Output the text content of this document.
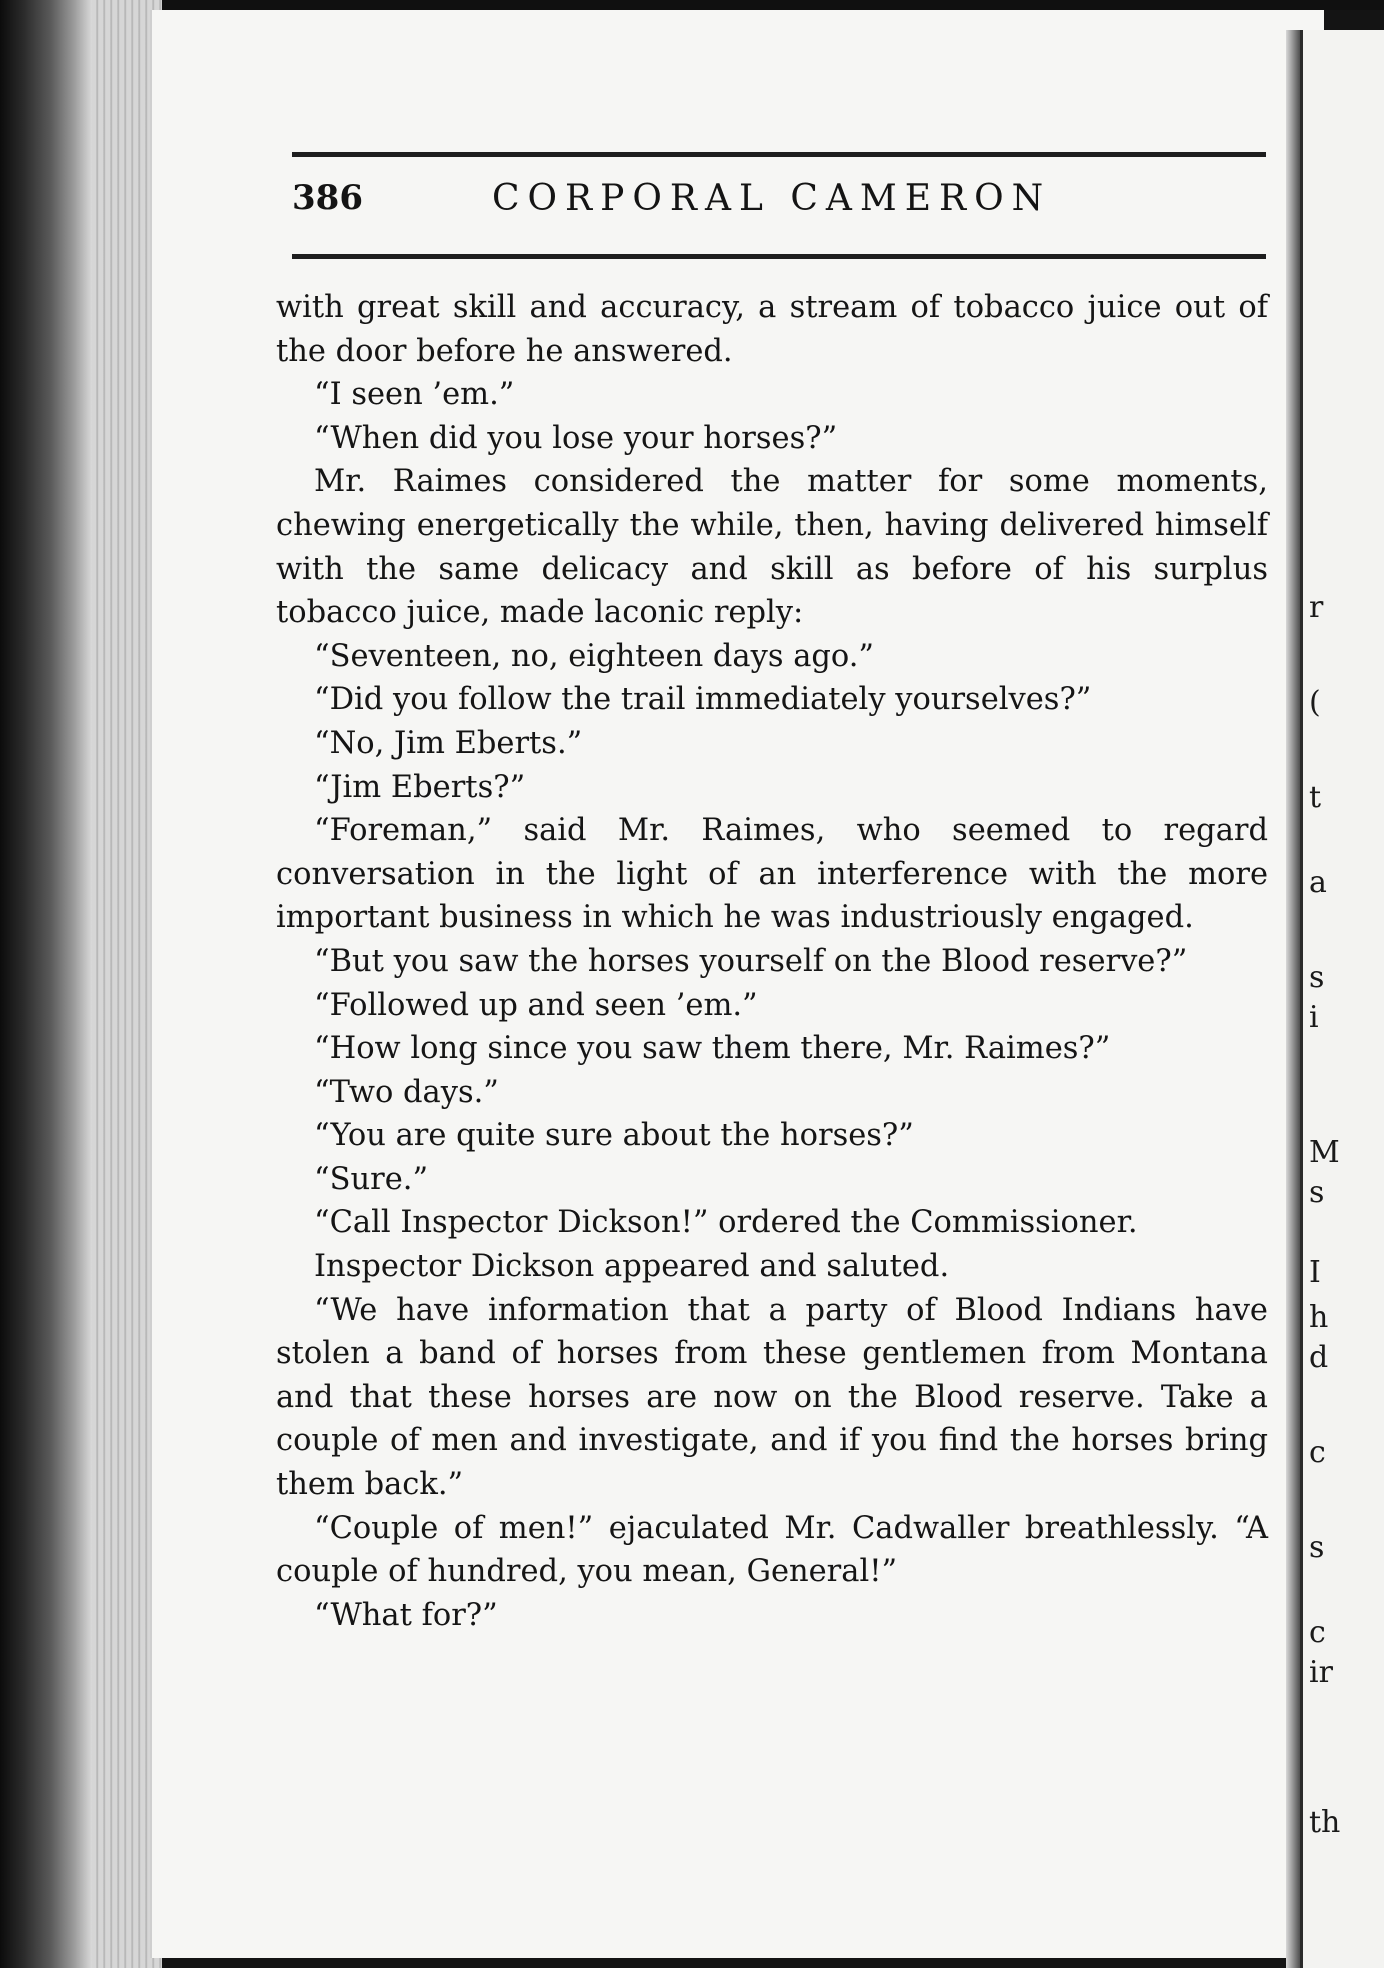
386	CORPORAL CAMERON

with great skill and accuracy, a stream of tobacco juice out of the door before he answered.

“I seen ’em.”

“When did you lose your horses?”

Mr. Raimes considered the matter for some moments, chewing energetically the while, then, having delivered himself with the same delicacy and skill as before of his surplus tobacco juice, made laconic reply:

“Seventeen, no, eighteen days ago.”

“Did you follow the trail immediately yourselves?”

“No, Jim Eberts.”

“Jim Eberts?”

“Foreman,” said Mr. Raimes, who seemed to regard conversation in the light of an interference with the more important business in which he was industriously engaged.

“But you saw the horses yourself on the Blood reserve?”

“Followed up and seen ’em.”

“How long since you saw them there, Mr. Raimes?”

“Two days.”

“You are quite sure about the horses?”

“Sure.”

“Call Inspector Dickson!” ordered the Commissioner.

Inspector Dickson appeared and saluted.

“We have information that a party of Blood Indians have stolen a band of horses from these gentlemen from Montana and that these horses are now on the Blood reserve. Take a couple of men and investigate, and if you find the horses bring them back.”

“Couple of men!” ejaculated Mr. Cadwaller breathlessly. “A couple of hundred, you mean, General!”

“What for?”

r
(
t
a
s
i
M
s
I
h
d
c
s
c
ir
th
